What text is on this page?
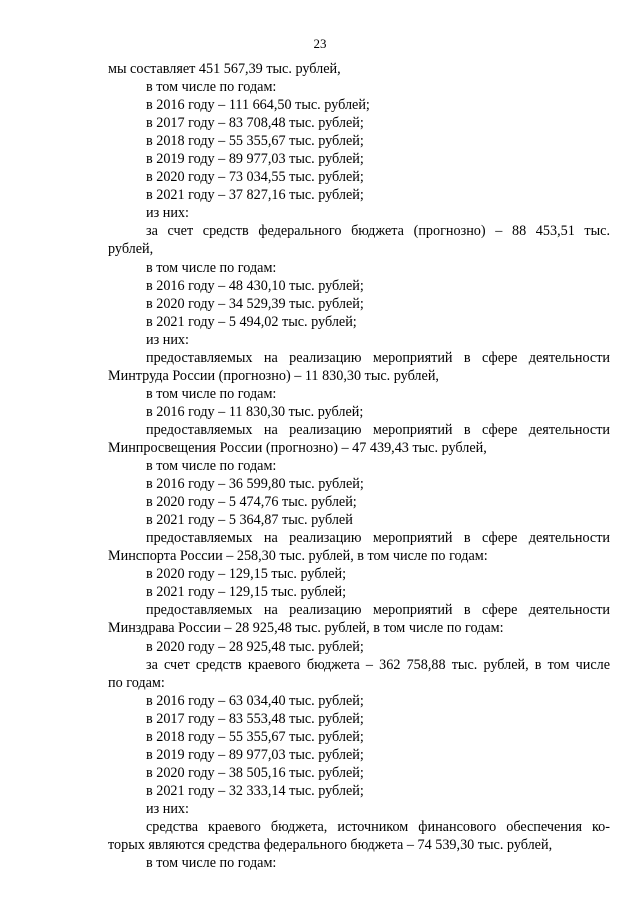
23
мы составляет 451 567,39 тыс. рублей,
в том числе по годам:
в 2016 году – 111 664,50 тыс. рублей;
в 2017 году – 83 708,48 тыс. рублей;
в 2018 году – 55 355,67 тыс. рублей;
в 2019 году – 89 977,03 тыс. рублей;
в 2020 году – 73 034,55 тыс. рублей;
в 2021 году – 37 827,16 тыс. рублей;
из них:
за счет средств федерального бюджета (прогнозно) – 88 453,51 тыс.
рублей,
в том числе по годам:
в 2016 году – 48 430,10 тыс. рублей;
в 2020 году – 34 529,39 тыс. рублей;
в 2021 году – 5 494,02 тыс. рублей;
из них:
предоставляемых на реализацию мероприятий в сфере деятельности
Минтруда России (прогнозно) – 11 830,30 тыс. рублей,
в том числе по годам:
в 2016 году – 11 830,30 тыс. рублей;
предоставляемых на реализацию мероприятий в сфере деятельности
Минпросвещения России (прогнозно) – 47 439,43 тыс. рублей,
в том числе по годам:
в 2016 году – 36 599,80 тыс. рублей;
в 2020 году – 5 474,76 тыс. рублей;
в 2021 году – 5 364,87 тыс. рублей
предоставляемых на реализацию мероприятий в сфере деятельности
Минспорта России – 258,30 тыс. рублей, в том числе по годам:
в 2020 году – 129,15 тыс. рублей;
в 2021 году – 129,15 тыс. рублей;
предоставляемых на реализацию мероприятий в сфере деятельности
Минздрава России – 28 925,48 тыс. рублей, в том числе по годам:
в 2020 году – 28 925,48 тыс. рублей;
за счет средств краевого бюджета – 362 758,88 тыс. рублей, в том числе
по годам:
в 2016 году – 63 034,40 тыс. рублей;
в 2017 году – 83 553,48 тыс. рублей;
в 2018 году – 55 355,67 тыс. рублей;
в 2019 году – 89 977,03 тыс. рублей;
в 2020 году – 38 505,16 тыс. рублей;
в 2021 году – 32 333,14 тыс. рублей;
из них:
средства краевого бюджета, источником финансового обеспечения ко-
торых являются средства федерального бюджета – 74 539,30 тыс. рублей,
в том числе по годам:
